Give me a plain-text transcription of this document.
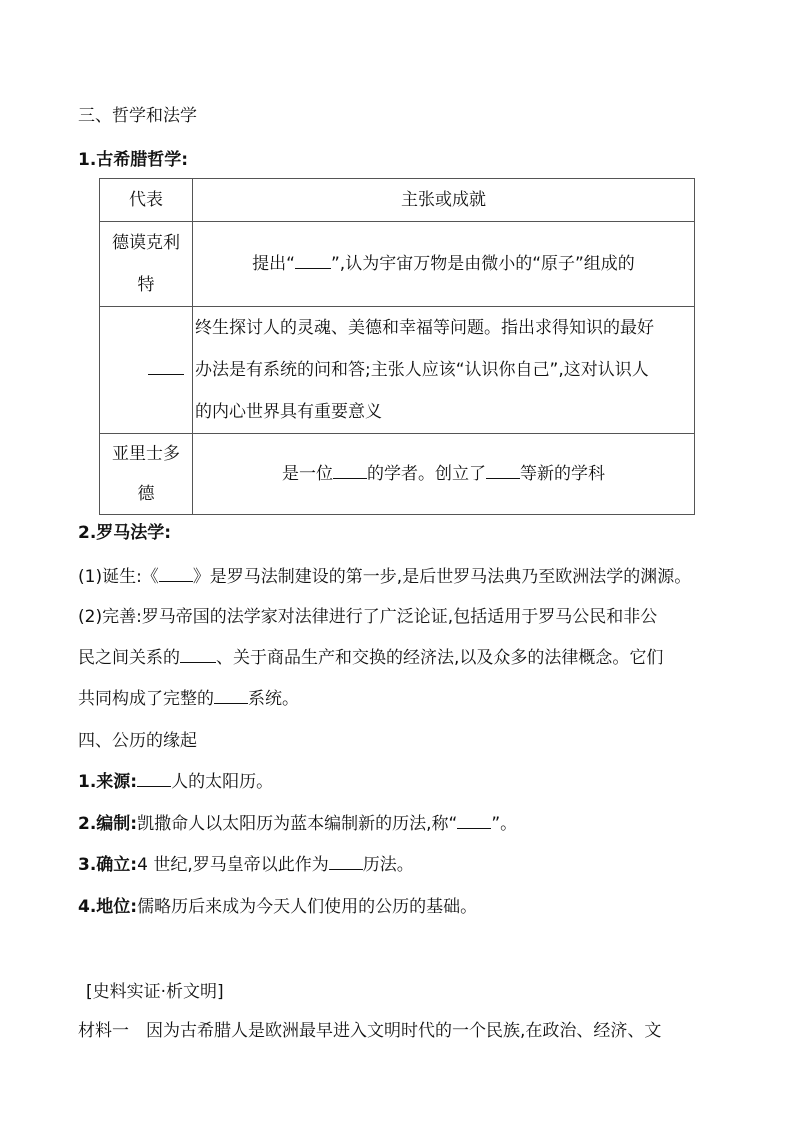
三、哲学和法学
1.古希腊哲学:
代表	主张或成就

德谟克利
特	提出“ ”,认为宇宙万物是由微小的“原子”组成的

	终生探讨人的灵魂、美德和幸福等问题。指出求得知识的最好
办法是有系统的问和答;主张人应该“认识你自己”,这对认识人
的内心世界具有重要意义

亚里士多
德	是一位 的学者。创立了 等新的学科
2.罗马法学:
(1)诞生:《 》是罗马法制建设的第一步,是后世罗马法典乃至欧洲法学的渊源。
(2)完善:罗马帝国的法学家对法律进行了广泛论证,包括适用于罗马公民和非公
民之间关系的 、关于商品生产和交换的经济法,以及众多的法律概念。它们
共同构成了完整的 系统。
四、公历的缘起
1.来源: 人的太阳历。
2.编制:凯撒命人以太阳历为蓝本编制新的历法,称“ ”。
3.确立:4 世纪,罗马皇帝以此作为 历法。
4.地位:儒略历后来成为今天人们使用的公历的基础。
[史料实证·析文明]
材料一　因为古希腊人是欧洲最早进入文明时代的一个民族,在政治、经济、文
